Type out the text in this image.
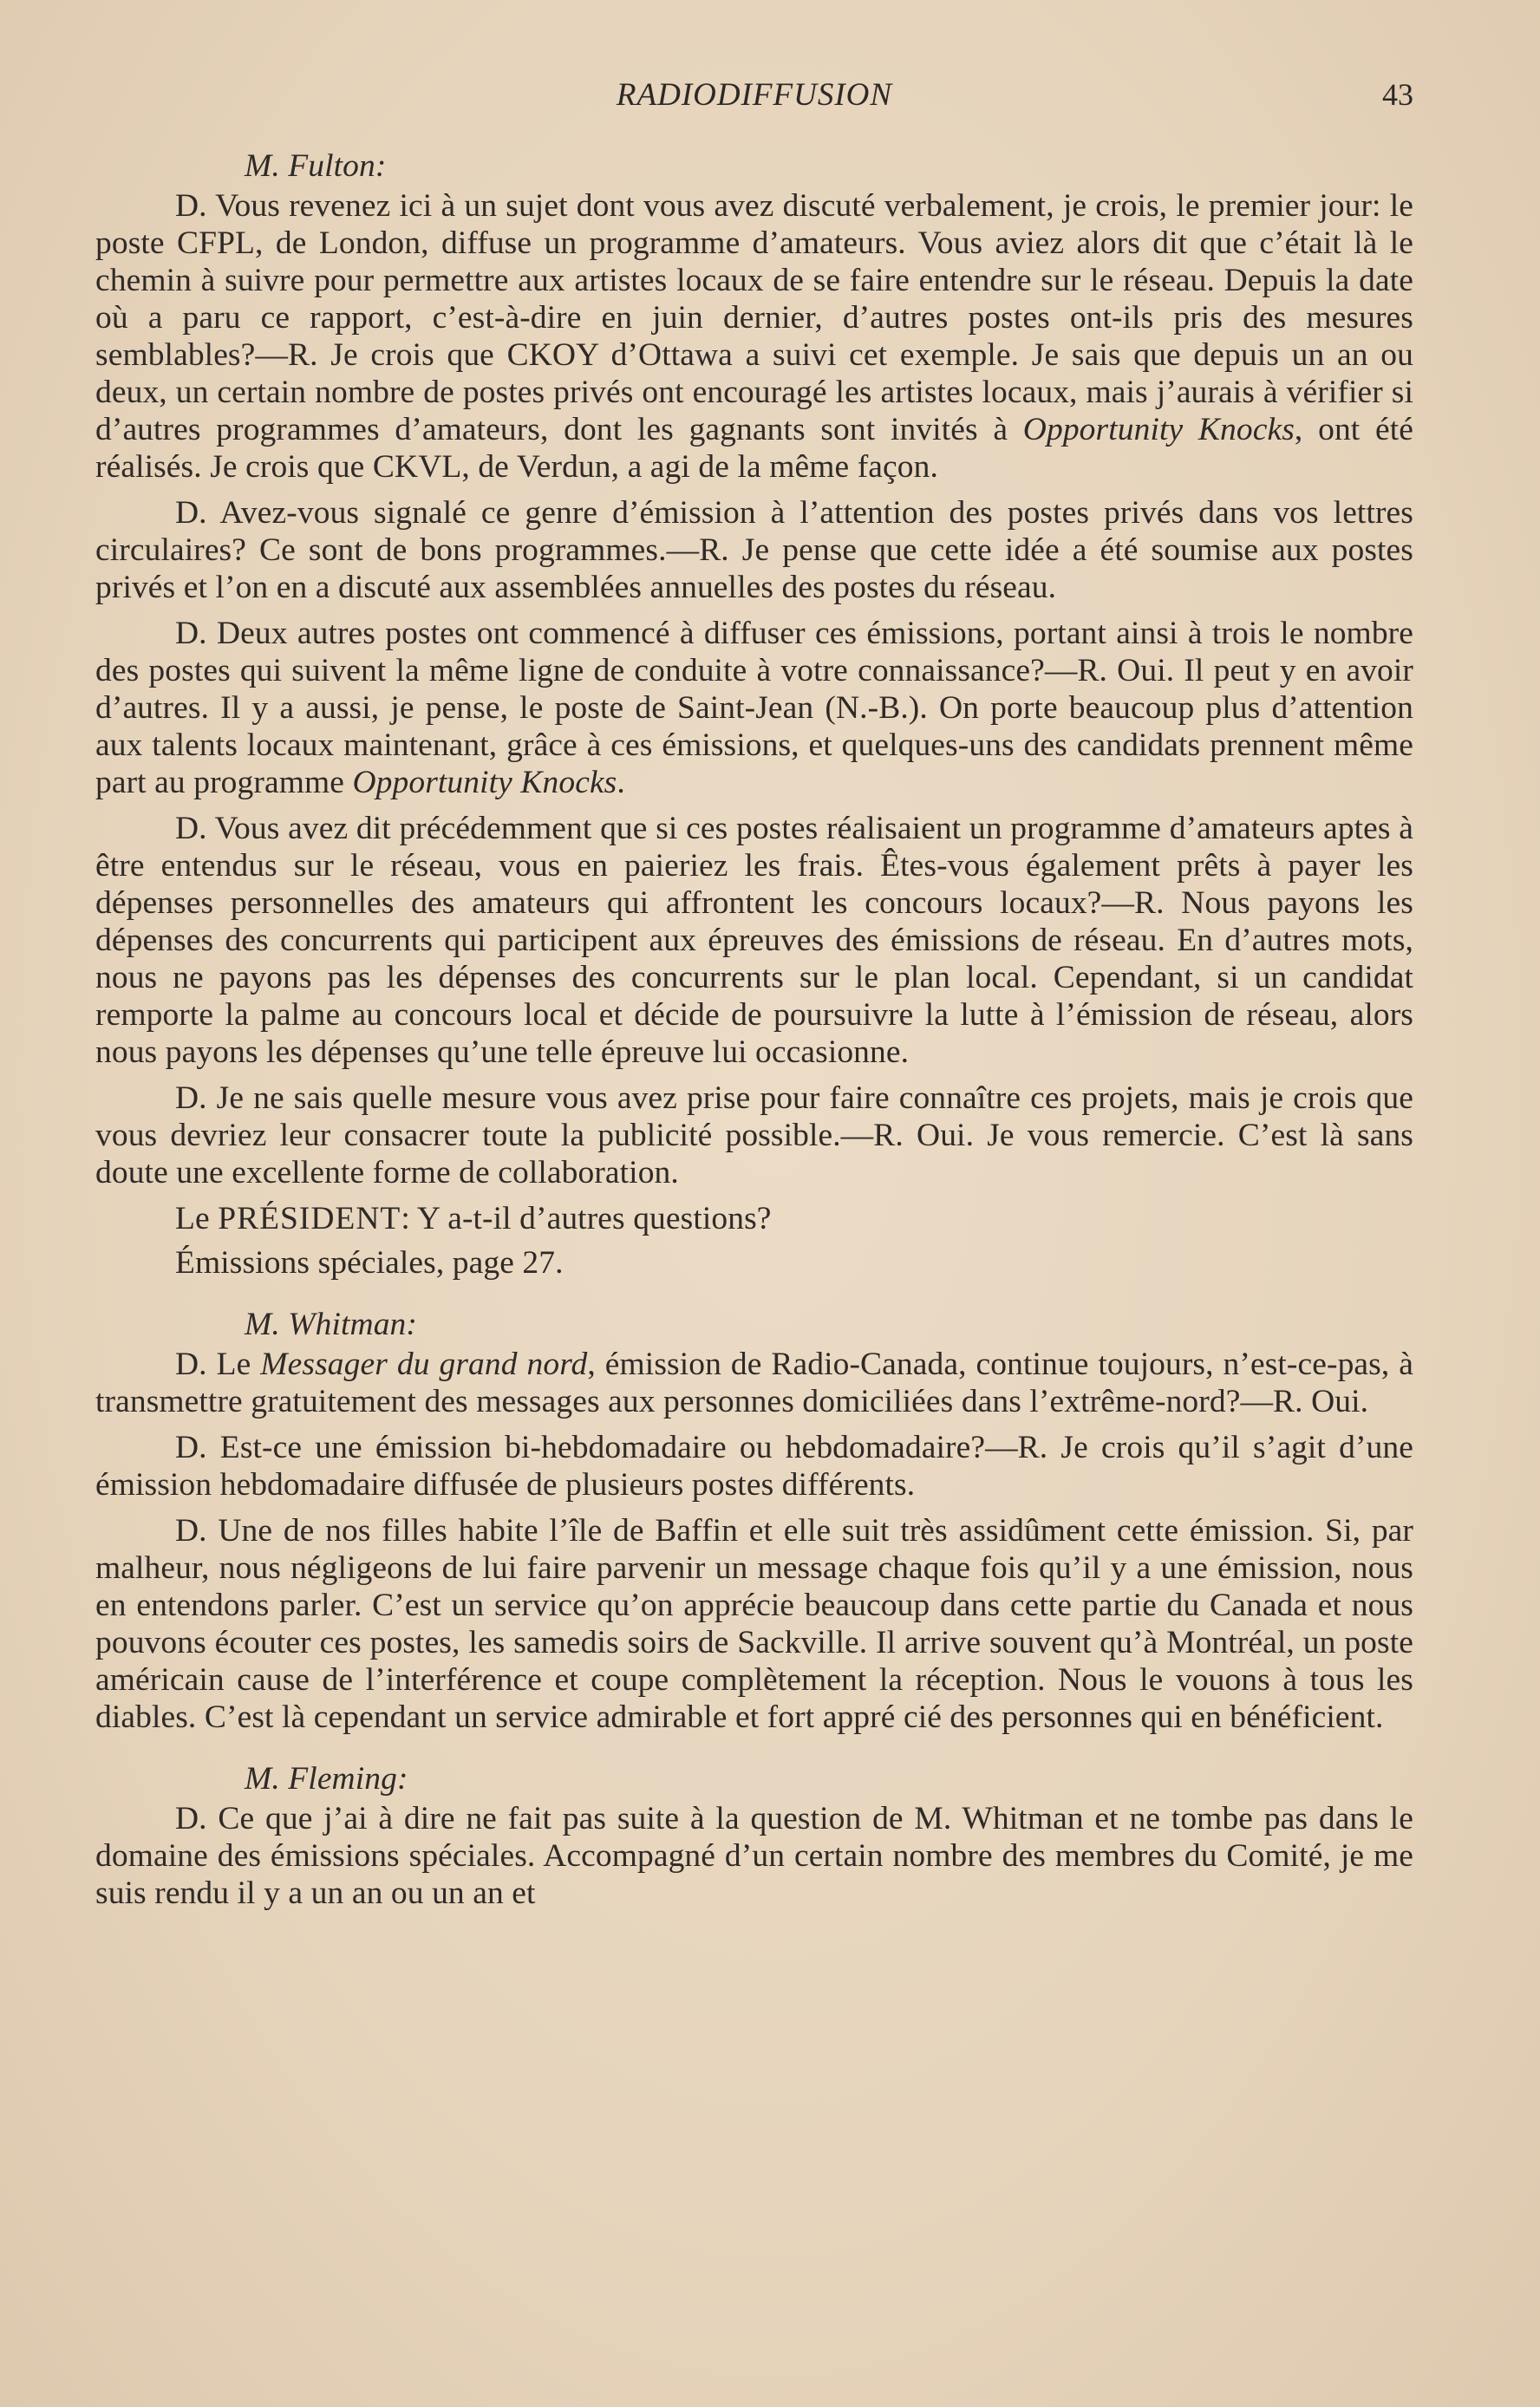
RADIODIFFUSION	43
M. Fulton:

D. Vous revenez ici à un sujet dont vous avez discuté verbalement, je crois, le premier jour: le poste CFPL, de London, diffuse un programme d’amateurs. Vous aviez alors dit que c’était là le chemin à suivre pour permettre aux artistes locaux de se faire entendre sur le réseau. Depuis la date où a paru ce rapport, c’est-à-dire en juin dernier, d’autres postes ont-ils pris des mesures semblables?—R. Je crois que CKOY d’Ottawa a suivi cet exemple. Je sais que depuis un an ou deux, un certain nombre de postes privés ont encouragé les artistes locaux, mais j’aurais à vérifier si d’autres programmes d’amateurs, dont les gagnants sont invités à Opportunity Knocks, ont été réalisés. Je crois que CKVL, de Verdun, a agi de la même façon.

D. Avez-vous signalé ce genre d’émission à l’attention des postes privés dans vos lettres circulaires? Ce sont de bons programmes.—R. Je pense que cette idée a été soumise aux postes privés et l’on en a discuté aux assemblées annuelles des postes du réseau.

D. Deux autres postes ont commencé à diffuser ces émissions, portant ainsi à trois le nombre des postes qui suivent la même ligne de conduite à votre connaissance?—R. Oui. Il peut y en avoir d’autres. Il y a aussi, je pense, le poste de Saint-Jean (N.-B.). On porte beaucoup plus d’attention aux talents locaux maintenant, grâce à ces émissions, et quelques-uns des candidats prennent même part au programme Opportunity Knocks.

D. Vous avez dit précédemment que si ces postes réalisaient un programme d’amateurs aptes à être entendus sur le réseau, vous en paieriez les frais. Êtes-vous également prêts à payer les dépenses personnelles des amateurs qui affrontent les concours locaux?—R. Nous payons les dépenses des concurrents qui participent aux épreuves des émissions de réseau. En d’autres mots, nous ne payons pas les dépenses des concurrents sur le plan local. Cependant, si un candidat remporte la palme au concours local et décide de poursuivre la lutte à l’émission de réseau, alors nous payons les dépenses qu’une telle épreuve lui occasionne.

D. Je ne sais quelle mesure vous avez prise pour faire connaître ces projets, mais je crois que vous devriez leur consacrer toute la publicité possible.—R. Oui. Je vous remercie. C’est là sans doute une excellente forme de collaboration.

Le PRÉSIDENT: Y a-t-il d’autres questions?

Émissions spéciales, page 27.

M. Whitman:

D. Le Messager du grand nord, émission de Radio-Canada, continue toujours, n’est-ce-pas, à transmettre gratuitement des messages aux personnes domiciliées dans l’extrême-nord?—R. Oui.

D. Est-ce une émission bi-hebdomadaire ou hebdomadaire?—R. Je crois qu’il s’agit d’une émission hebdomadaire diffusée de plusieurs postes différents.

D. Une de nos filles habite l’île de Baffin et elle suit très assidûment cette émission. Si, par malheur, nous négligeons de lui faire parvenir un message chaque fois qu’il y a une émission, nous en entendons parler. C’est un service qu’on apprécie beaucoup dans cette partie du Canada et nous pouvons écouter ces postes, les samedis soirs de Sackville. Il arrive souvent qu’à Montréal, un poste américain cause de l’interférence et coupe complètement la réception. Nous le vouons à tous les diables. C’est là cependant un service admirable et fort appré cié des personnes qui en bénéficient.

M. Fleming:

D. Ce que j’ai à dire ne fait pas suite à la question de M. Whitman et ne tombe pas dans le domaine des émissions spéciales. Accompagné d’un certain nombre des membres du Comité, je me suis rendu il y a un an ou un an et
